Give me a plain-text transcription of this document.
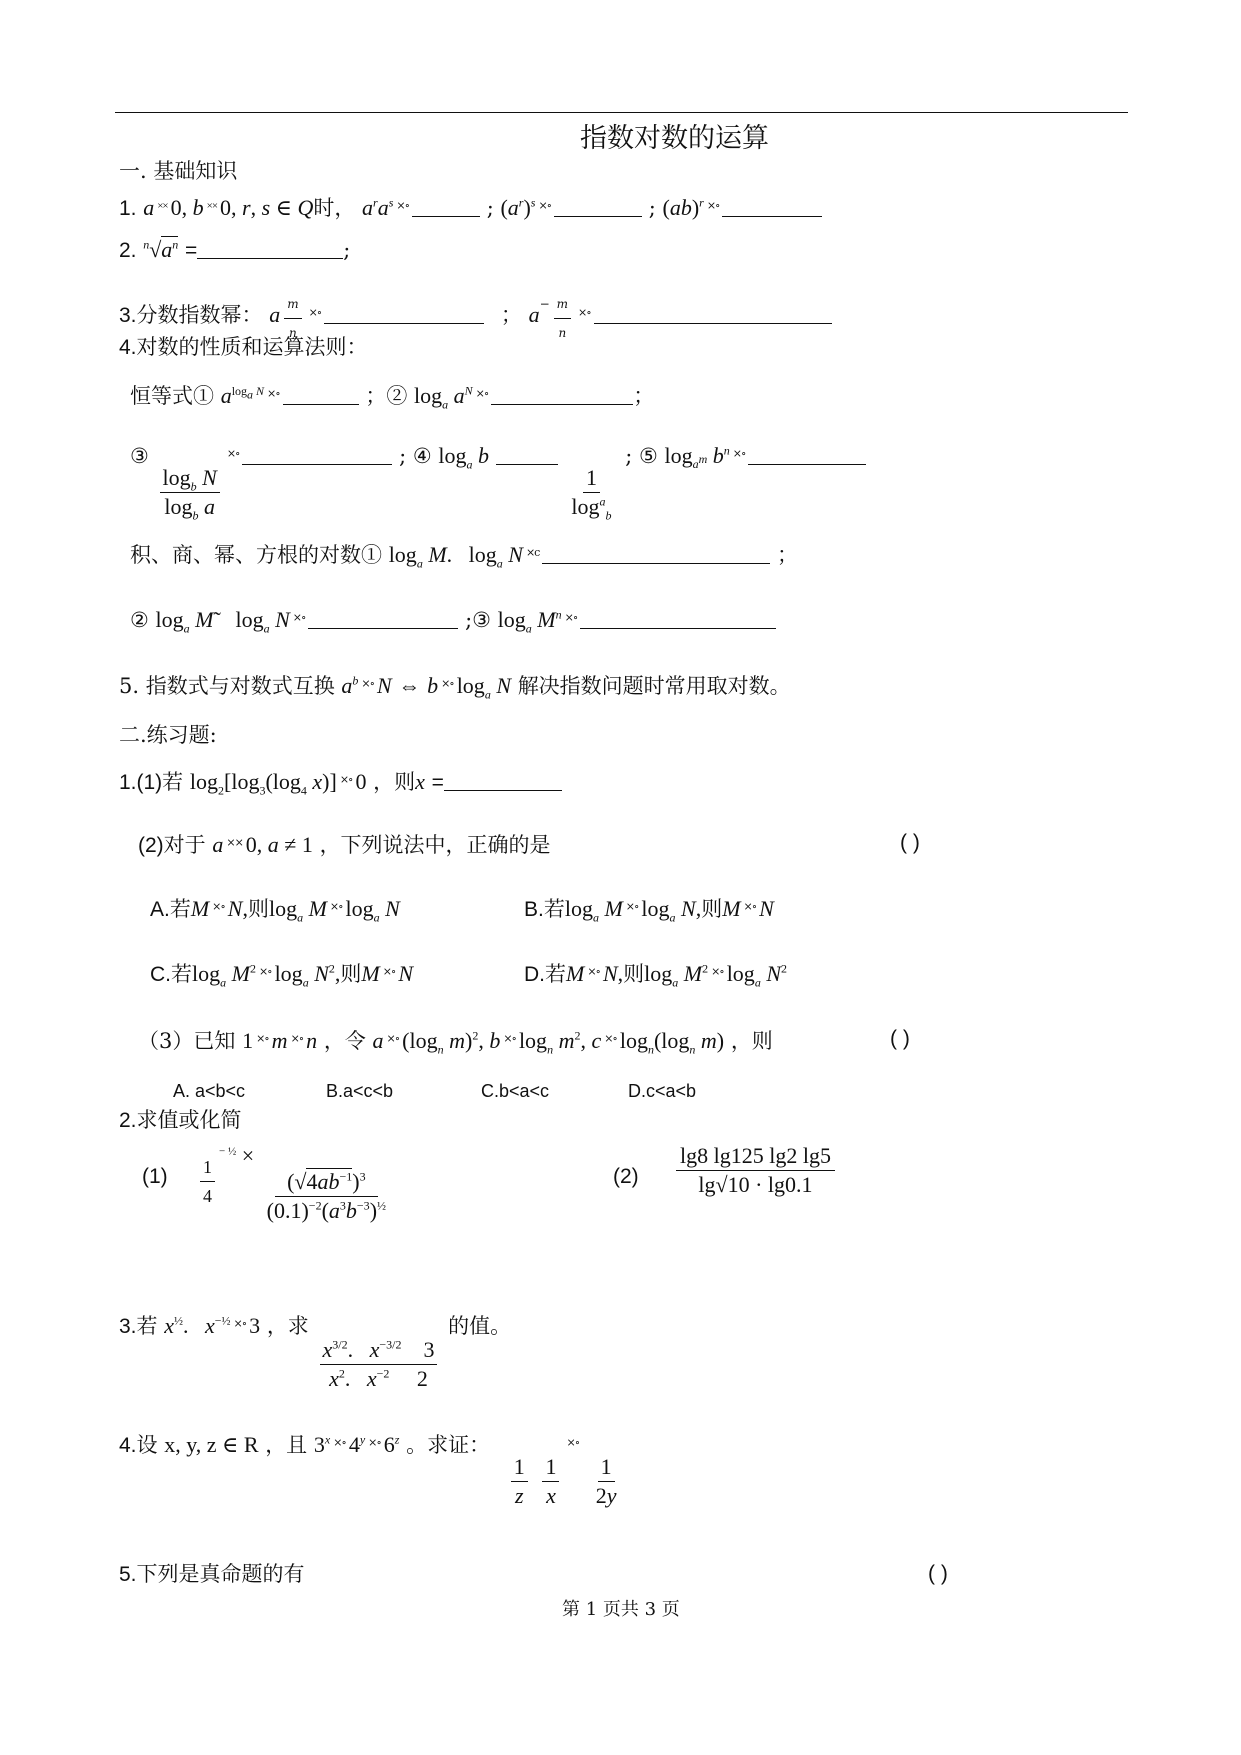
指数对数的运算
一. 基础知识
1. a ×× 0, b ×× 0, r, s ∈ Q时， $a^ra^s$ ×∘	; $(a^r)^s$ ×∘	; (ab)$^r$ ×∘
2. $^n√a^n$ =	;
3.分数指数幂： a $\frac{m}{n} ^{\times\circ}$	； $a^- \frac{m}{n} ^{\times\circ}$
4.对数的性质和运算法则：
恒等式① $a^{log_a N}$ ×∘	；② $\log_a a^N$ ×∘	；
③
$\frac{\log_b N}{\log_b a}$
×∘	; ④ $\log_a b$
$\frac{1}{\log^a_b}$
; ⑤ $\log_{a^m} b^n$ ×∘
积、商、幂、方根的对数① $\log_a M$.   $\log_a N$ $^{\times c}$	；
② $\log_a$ M̃    $\log_a N$ ×∘	;③ $\log_a M^n$ ×∘
5. 指数式与对数式互换 $a^b$ ×∘ N ⇔ b ×∘ $\log_a N$ 解决指数问题时常用取对数。
二.练习题:
1.(1)若 $\log_2[\log_3(\log_4$ x)] ×∘ 0 ，则x =
(2)对于 a ×× 0, a ≠ 1 ，下列说法中，正确的是	( )
A.若M ×∘ N,则$\log_a M$ ×∘ $\log_a N$	B.若$\log_a M$ ×∘ $\log_a N$,则M ×∘ N
C.若$\log_a M^2$ ×∘ $\log_a N^2$,则M ×∘ N	D.若M ×∘ N,则$\log_a M^2$ ×∘ $\log_a N^2$
（3）已知 1 ×∘ m ×∘ n ，令 a ×∘ ($\log_n$ m)$^2$, b ×∘ $\log_n m^2$, c ×∘ $\log_n(\log_n$ m) ，则	( )
A. a<b<c	B.a<c<b	C.b<a<c	D.c<a<b
2.求值或化简
$(1) \frac{1}{4}$
$^{- \frac{1}{2}}$ ×
$\frac{(√4ab^{-1})^3}{(0.1)^{-2}(a^3b^{-3})^{\frac{1}{2}}}$	$(2) \frac{\lg 8 \lg 125 \lg 2 \lg 5}{\lg√10 \cdot \lg 0.1}$
3.若 $x^{\frac{1}{2}}$.   $x^{-\frac{1}{2}}$ ×∘ 3 ，求
$\frac{x^{3/2}. x^{-3/2} 3}{x^2. x^{-2} 2}$
的值。
4.设 x, y, z ∈ R ，且 3$^x$ ×∘ 4$^y$ ×∘ 6$^z$ 。求证：
$\frac{1}{z}$
$\frac{1}{x}$
×∘
$\frac{1}{2y}$
5.下列是真命题的有	( )
第 1 页共 3 页
